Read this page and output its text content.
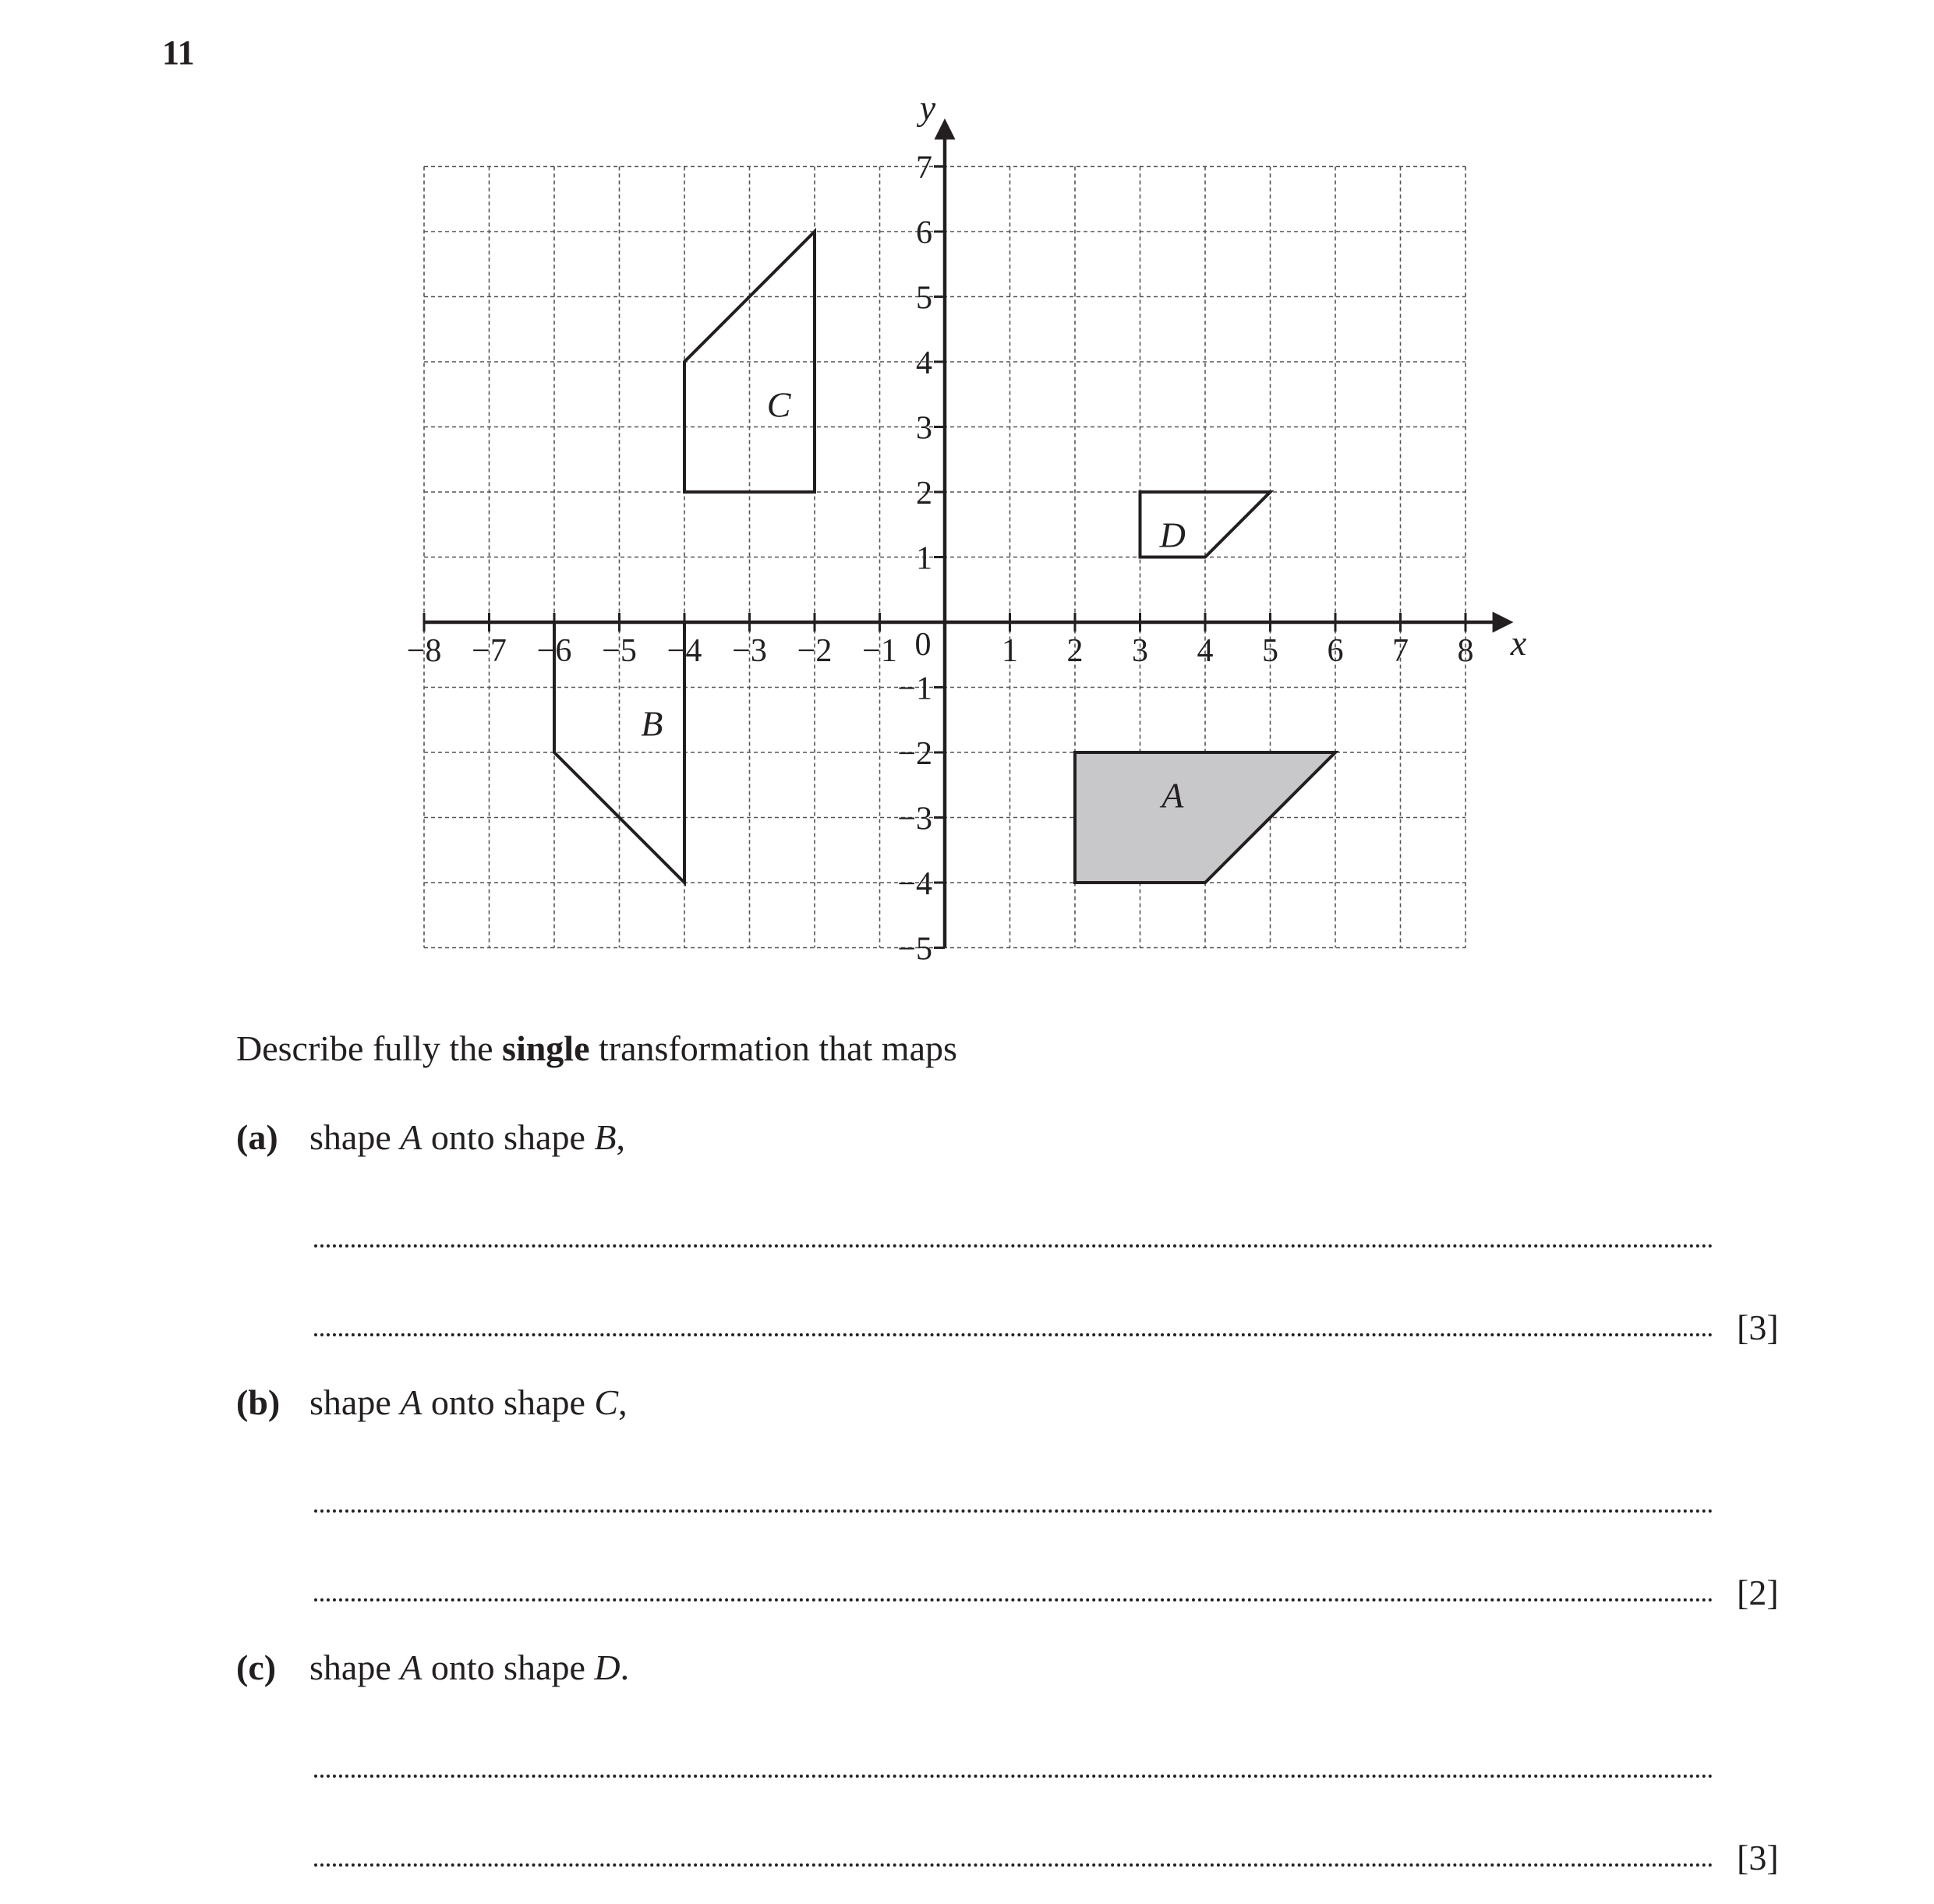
11
A
B
C
D
−8 −7 −6 −5 −4 −3 −2 −1	1 2 3 4 5 6 7 8
7
6
5
4
3
2
1
−1
−2
−3
−4
−5
0	x
y
Describe fully the single transformation that maps
(a) shape A onto shape B,
[3]
(b) shape A onto shape C,
[2]
(c) shape A onto shape D.
[3]
